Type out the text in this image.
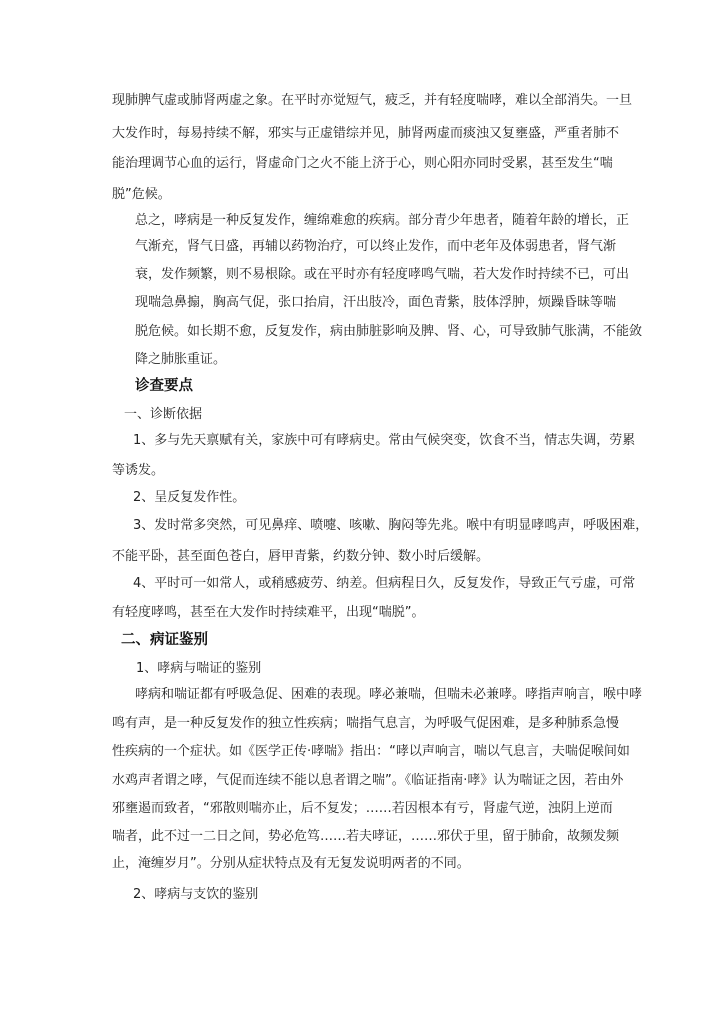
现肺脾气虚或肺肾两虚之象。在平时亦觉短气，疲乏，并有轻度喘哮，难以全部消失。一旦

大发作时，每易持续不解，邪实与正虚错综并见，肺肾两虚而痰浊又复壅盛，严重者肺不

能治理调节心血的运行，肾虚命门之火不能上济于心，则心阳亦同时受累，甚至发生“喘

脱”危候。

总之，哮病是一种反复发作，缠绵难愈的疾病。部分青少年患者，随着年龄的增长，正

气渐充，肾气日盛，再辅以药物治疗，可以终止发作，而中老年及体弱患者，肾气渐

衰，发作频繁，则不易根除。或在平时亦有轻度哮鸣气喘，若大发作时持续不已，可出

现喘急鼻搧，胸高气促，张口抬肩，汗出肢冷，面色青紫，肢体浮肿，烦躁昏昧等喘

脱危候。如长期不愈，反复发作，病由肺脏影响及脾、肾、心，可导致肺气胀满，不能敛

降之肺胀重证。

诊查要点

一、诊断依据

1、多与先天禀赋有关，家族中可有哮病史。常由气候突变，饮食不当，情志失调，劳累

等诱发。

2、呈反复发作性。

3、发时常多突然，可见鼻痒、喷嚏、咳嗽、胸闷等先兆。喉中有明显哮鸣声，呼吸困难，

不能平卧，甚至面色苍白，唇甲青紫，约数分钟、数小时后缓解。

4、平时可一如常人，或稍感疲劳、纳差。但病程日久，反复发作，导致正气亏虚，可常

有轻度哮鸣，甚至在大发作时持续难平，出现“喘脱”。

二、病证鉴别

1、哮病与喘证的鉴别

哮病和喘证都有呼吸急促、困难的表现。哮必兼喘，但喘未必兼哮。哮指声响言，喉中哮

鸣有声，是一种反复发作的独立性疾病；喘指气息言，为呼吸气促困难，是多种肺系急慢

性疾病的一个症状。如《医学正传·哮喘》指出：“哮以声响言，喘以气息言，夫喘促喉间如

水鸡声者谓之哮，气促而连续不能以息者谓之喘”。《临证指南·哮》认为喘证之因，若由外

邪壅遏而致者，“邪散则喘亦止，后不复发；……若因根本有亏，肾虚气逆，浊阴上逆而

喘者，此不过一二日之间，势必危笃……若夫哮证，……邪伏于里，留于肺俞，故频发频

止，淹缠岁月”。分别从症状特点及有无复发说明两者的不同。

2、哮病与支饮的鉴别
